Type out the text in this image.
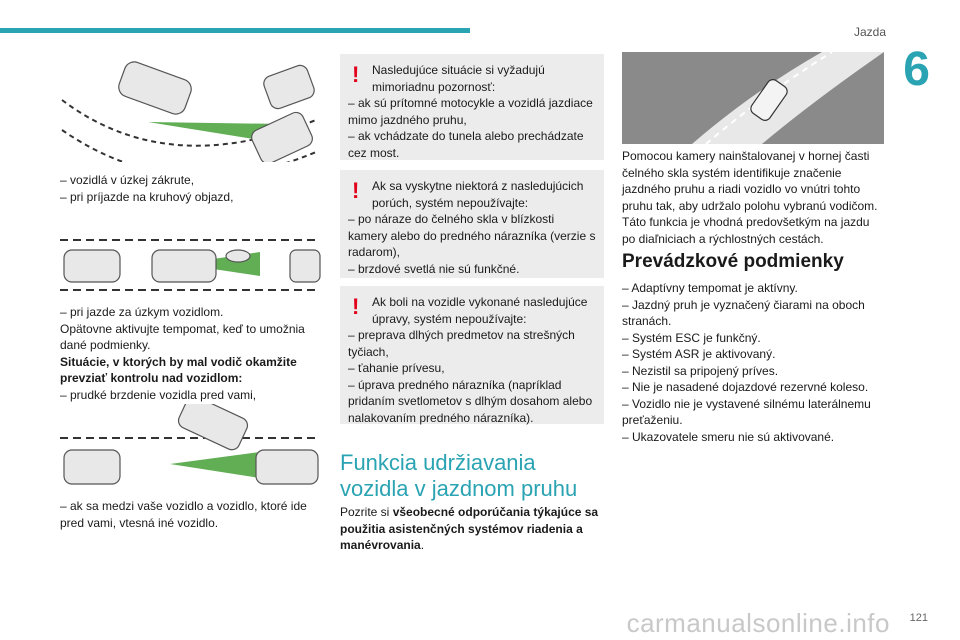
Jazda
6
carmanualsonline.info 121
– vozidlá v úzkej zákrute,
– pri príjazde na kruhový objazd,
– pri jazde za úzkym vozidlom.
Opätovne aktivujte tempomat, keď to umožnia dané podmienky.
Situácie, v ktorých by mal vodič okamžite prevziať kontrolu nad vozidlom:
– prudké brzdenie vozidla pred vami,
– ak sa medzi vaše vozidlo a vozidlo, ktoré ide pred vami, vtesná iné vozidlo.
! Nasledujúce situácie si vyžadujú mimoriadnu pozornosť:
– ak sú prítomné motocykle a vozidlá jazdiace mimo jazdného pruhu,
– ak vchádzate do tunela alebo prechádzate cez most.
! Ak sa vyskytne niektorá z nasledujúcich porúch, systém nepoužívajte:
– po náraze do čelného skla v blízkosti kamery alebo do predného nárazníka (verzie s radarom),
– brzdové svetlá nie sú funkčné.
! Ak boli na vozidle vykonané nasledujúce úpravy, systém nepoužívajte:
– preprava dlhých predmetov na strešných tyčiach,
– ťahanie prívesu,
– úprava predného nárazníka (napríklad pridaním svetlometov s dlhým dosahom alebo nalakovaním predného nárazníka).
Funkcia udržiavania vozidla v jazdnom pruhu
Pozrite si všeobecné odporúčania týkajúce sa použitia asistenčných systémov riadenia a manévrovania.
Pomocou kamery nainštalovanej v hornej časti čelného skla systém identifikuje značenie jazdného pruhu a riadi vozidlo vo vnútri tohto pruhu tak, aby udržalo polohu vybranú vodičom. Táto funkcia je vhodná predovšetkým na jazdu po diaľniciach a rýchlostných cestách.
Prevádzkové podmienky
– Adaptívny tempomat je aktívny.
– Jazdný pruh je vyznačený čiarami na oboch stranách.
– Systém ESC je funkčný.
– Systém ASR je aktivovaný.
– Nezistil sa pripojený príves.
– Nie je nasadené dojazdové rezervné koleso.
– Vozidlo nie je vystavené silnému laterálnemu preťaženiu.
– Ukazovatele smeru nie sú aktivované.
